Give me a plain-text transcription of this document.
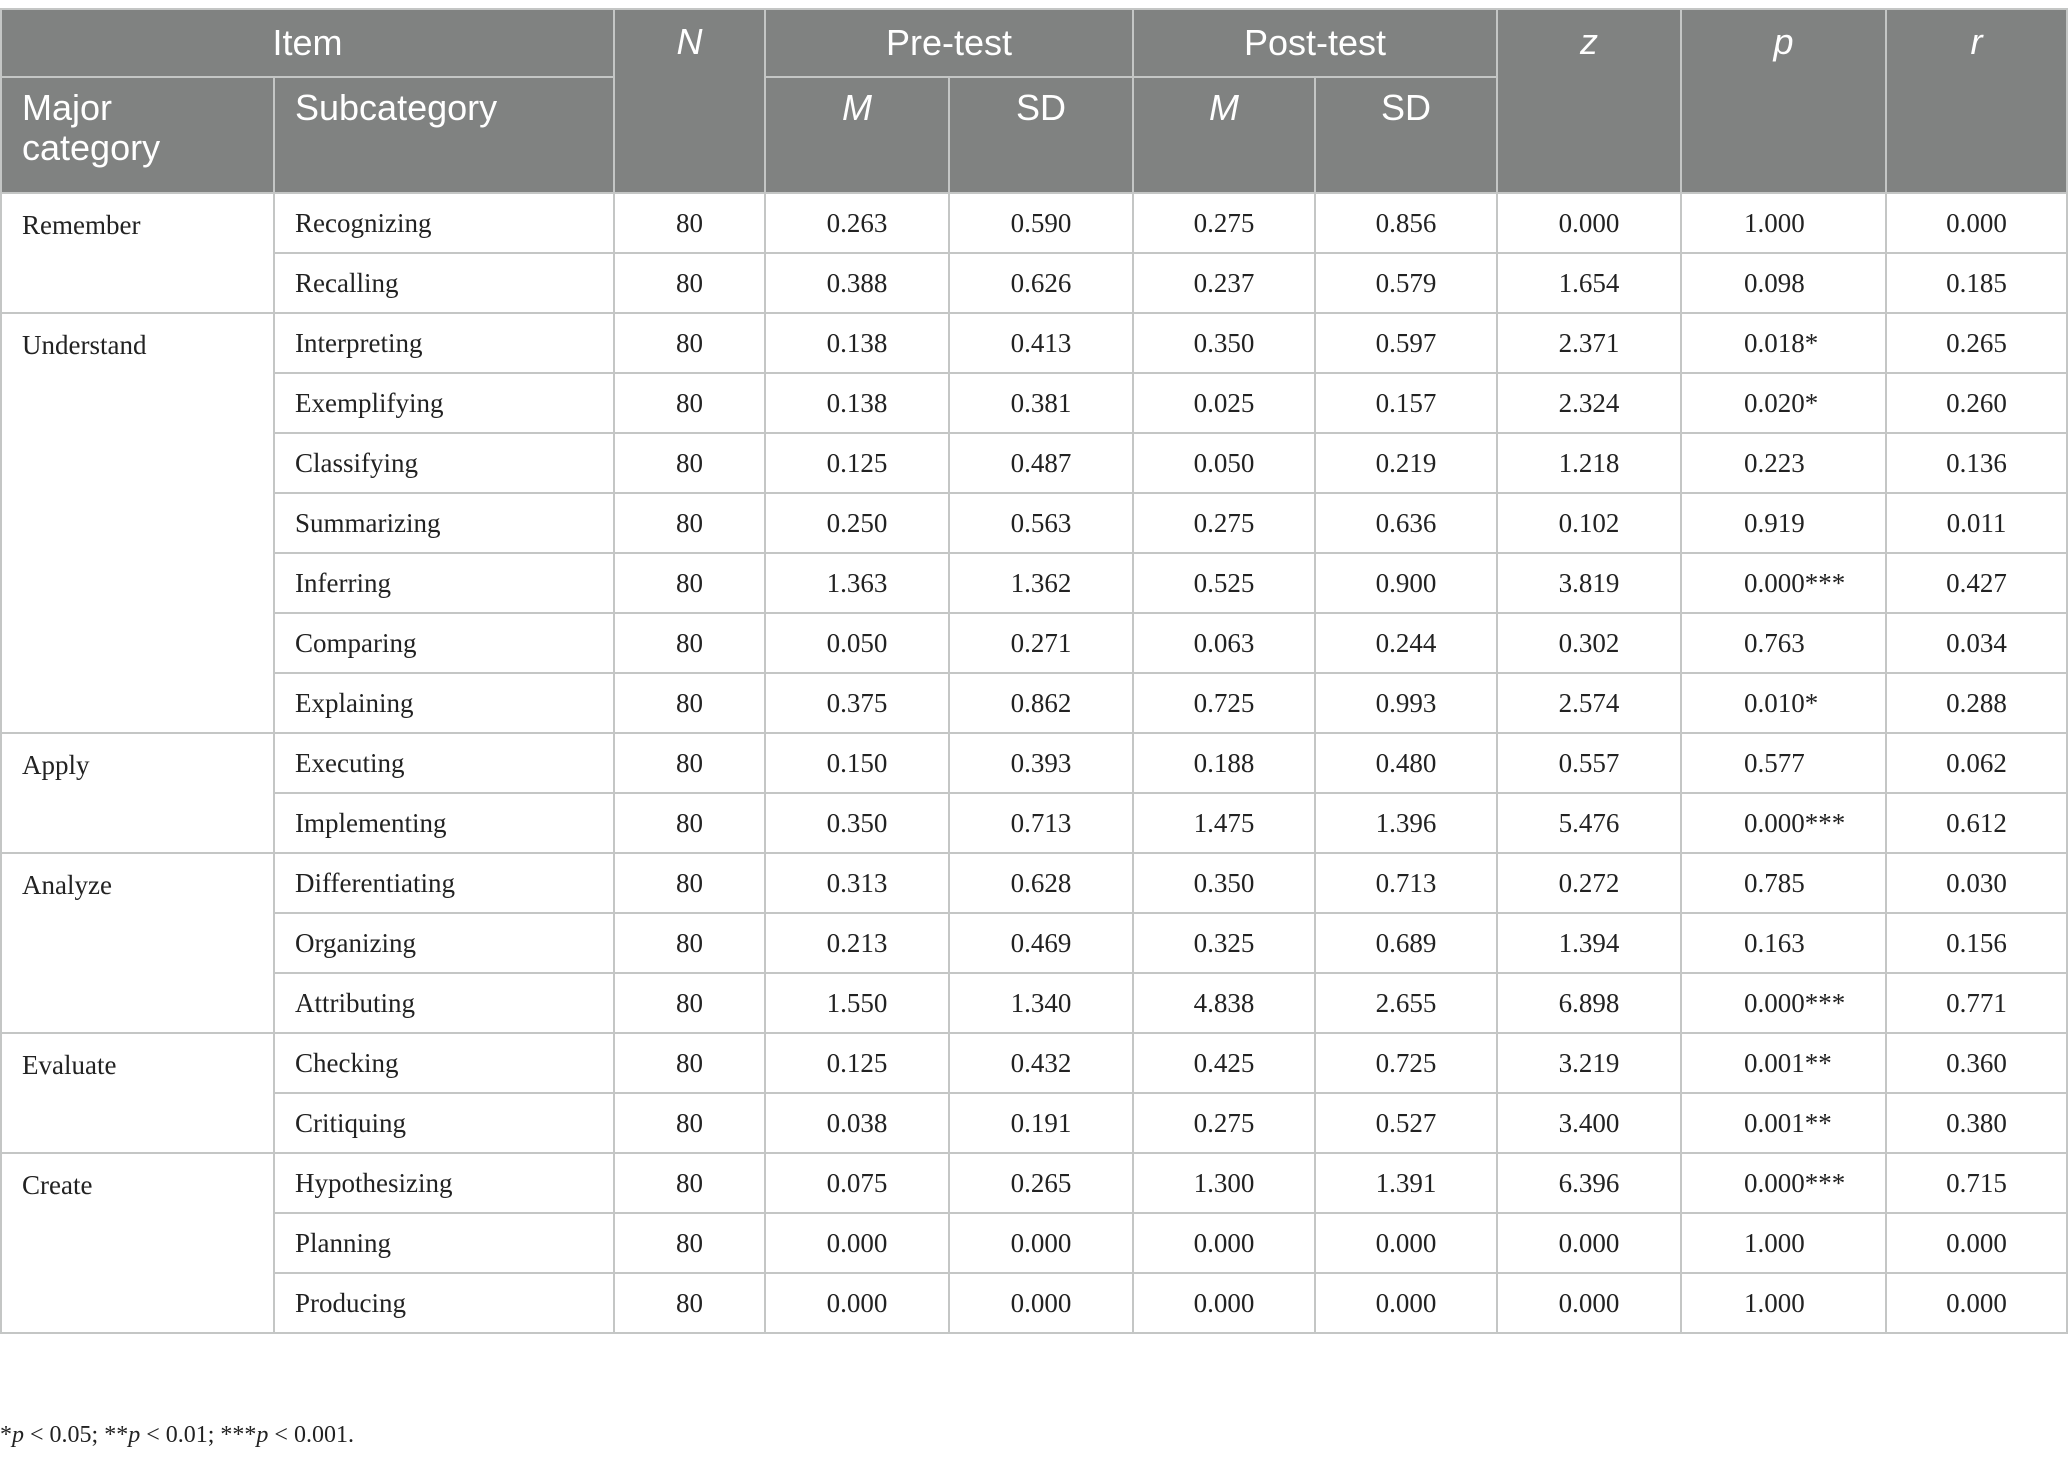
Item		N	Pre-test		Post-test		z	p	r
Major category	Subcategory		M	SD	M	SD			
Remember	Recognizing	80	0.263	0.590	0.275	0.856	0.000	1.000	0.000
	Recalling	80	0.388	0.626	0.237	0.579	1.654	0.098	0.185
Understand	Interpreting	80	0.138	0.413	0.350	0.597	2.371	0.018*	0.265
	Exemplifying	80	0.138	0.381	0.025	0.157	2.324	0.020*	0.260
	Classifying	80	0.125	0.487	0.050	0.219	1.218	0.223	0.136
	Summarizing	80	0.250	0.563	0.275	0.636	0.102	0.919	0.011
	Inferring	80	1.363	1.362	0.525	0.900	3.819	0.000***	0.427
	Comparing	80	0.050	0.271	0.063	0.244	0.302	0.763	0.034
	Explaining	80	0.375	0.862	0.725	0.993	2.574	0.010*	0.288
Apply	Executing	80	0.150	0.393	0.188	0.480	0.557	0.577	0.062
	Implementing	80	0.350	0.713	1.475	1.396	5.476	0.000***	0.612
Analyze	Differentiating	80	0.313	0.628	0.350	0.713	0.272	0.785	0.030
	Organizing	80	0.213	0.469	0.325	0.689	1.394	0.163	0.156
	Attributing	80	1.550	1.340	4.838	2.655	6.898	0.000***	0.771
Evaluate	Checking	80	0.125	0.432	0.425	0.725	3.219	0.001**	0.360
	Critiquing	80	0.038	0.191	0.275	0.527	3.400	0.001**	0.380
Create	Hypothesizing	80	0.075	0.265	1.300	1.391	6.396	0.000***	0.715
	Planning	80	0.000	0.000	0.000	0.000	0.000	1.000	0.000
	Producing	80	0.000	0.000	0.000	0.000	0.000	1.000	0.000

*p < 0.05; **p < 0.01; ***p < 0.001.
